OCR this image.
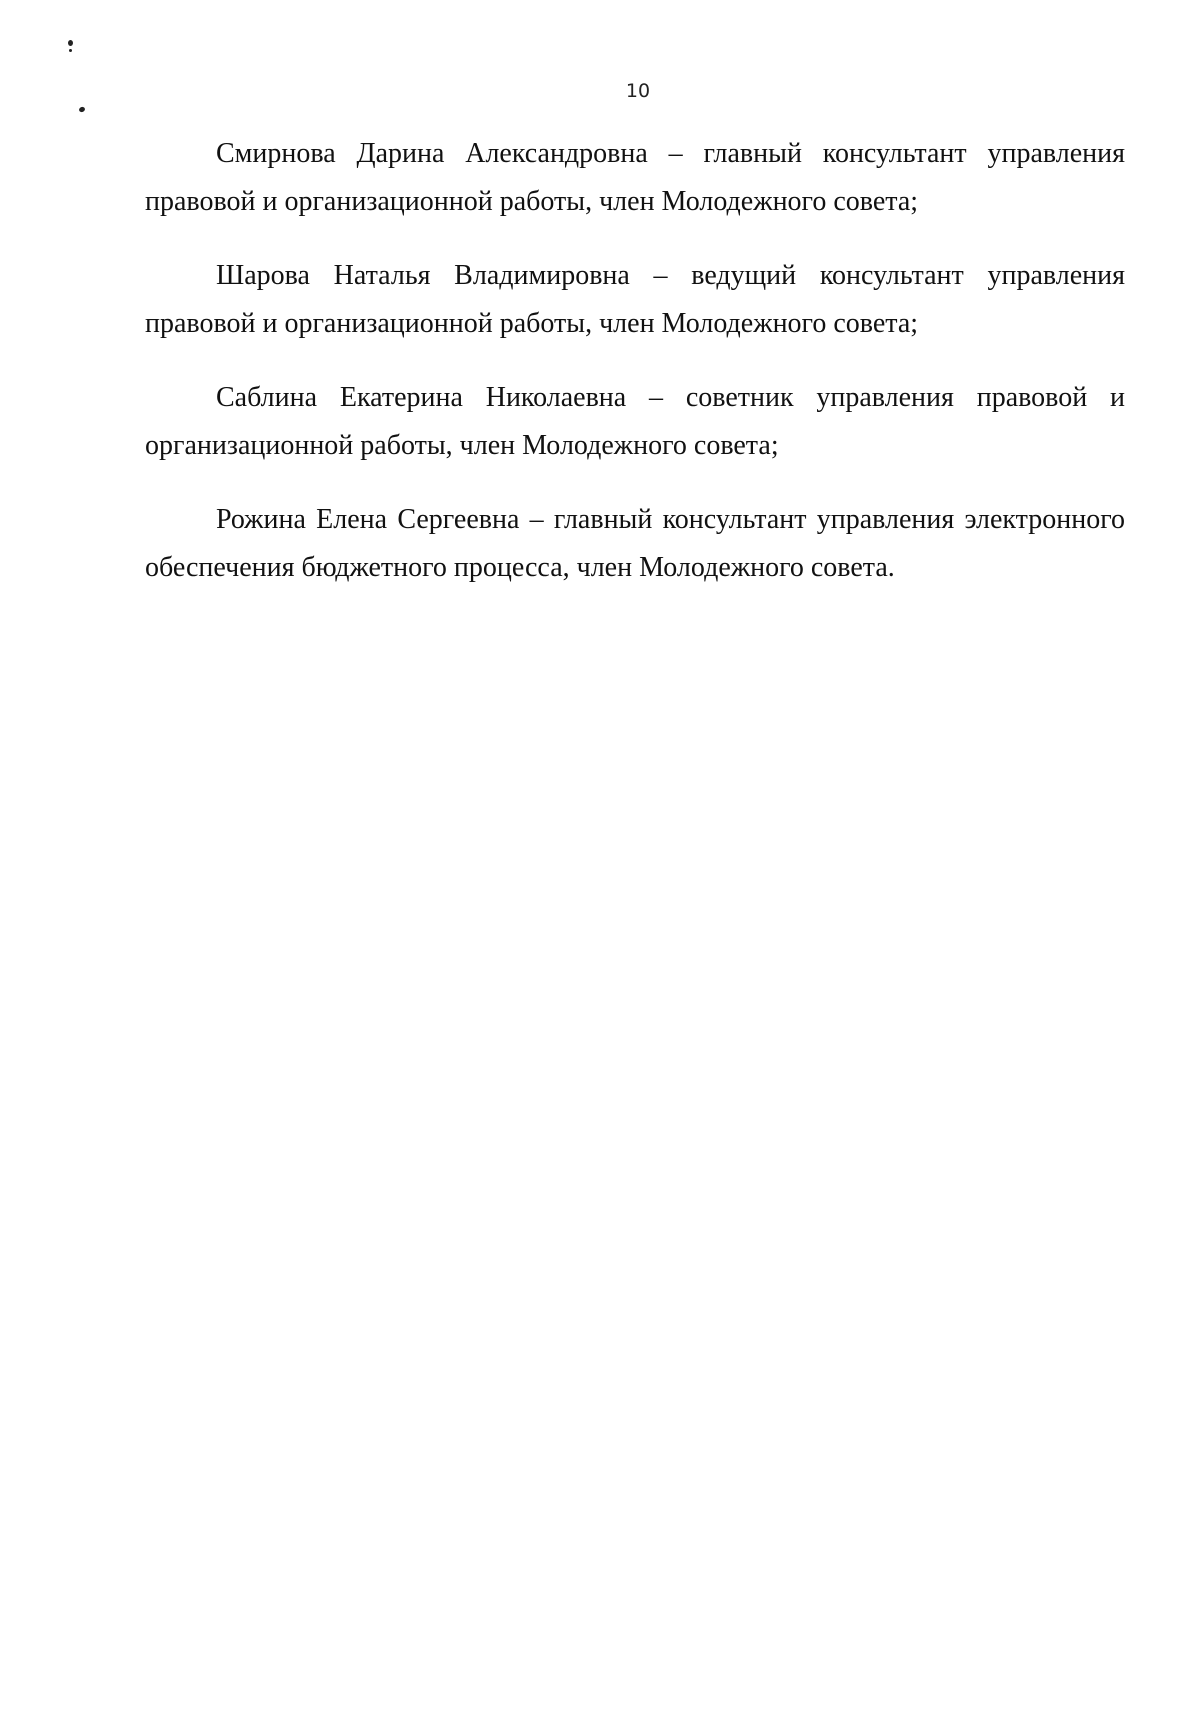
10

Смирнова Дарина Александровна – главный консультант управления правовой и организационной работы, член Молодежного совета;

Шарова Наталья Владимировна – ведущий консультант управления правовой и организационной работы, член Молодежного совета;

Саблина Екатерина Николаевна – советник управления правовой и организационной работы, член Молодежного совета;

Рожина Елена Сергеевна – главный консультант управления электронного обеспечения бюджетного процесса, член Молодежного совета.
